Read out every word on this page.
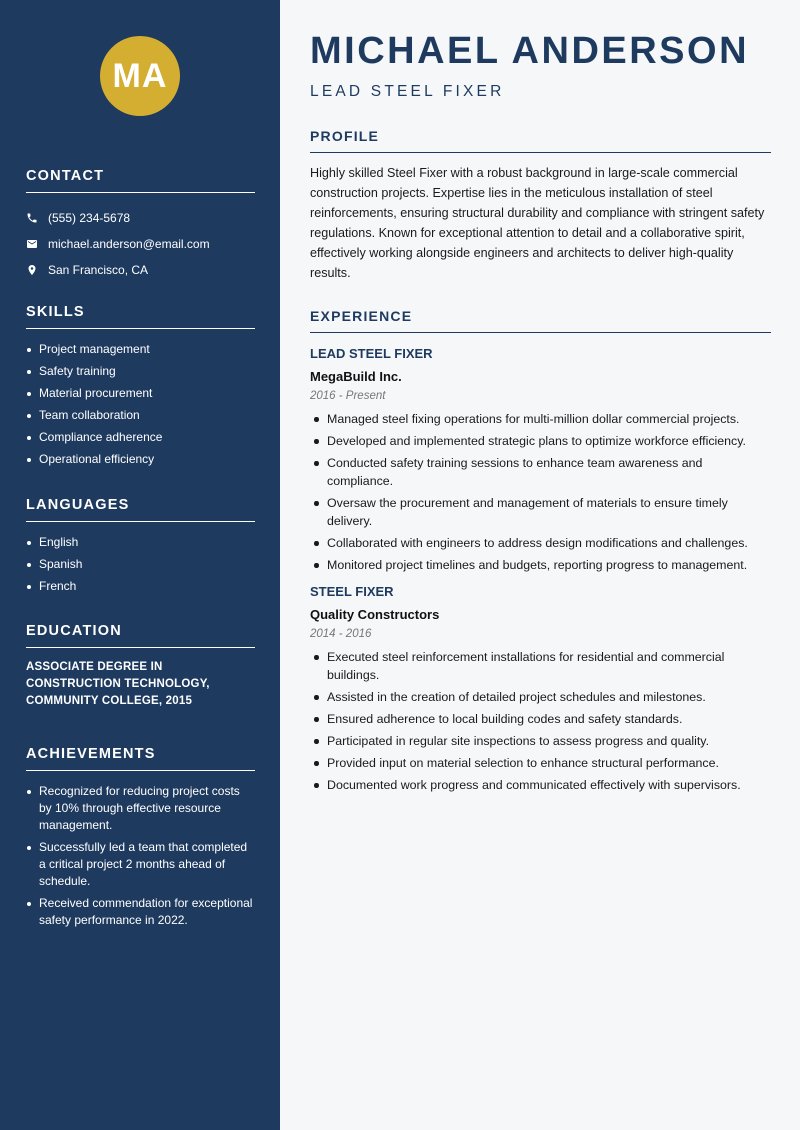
MA
CONTACT
(555) 234-5678
michael.anderson@email.com
San Francisco, CA
SKILLS
Project management
Safety training
Material procurement
Team collaboration
Compliance adherence
Operational efficiency
LANGUAGES
English
Spanish
French
EDUCATION

ASSOCIATE DEGREE IN CONSTRUCTION TECHNOLOGY, COMMUNITY COLLEGE, 2015

ACHIEVEMENTS
Recognized for reducing project costs by 10% through effective resource management.
Successfully led a team that completed a critical project 2 months ahead of schedule.
Received commendation for exceptional safety performance in 2022.
MICHAEL ANDERSON
LEAD STEEL FIXER
PROFILE

Highly skilled Steel Fixer with a robust background in large-scale commercial construction projects. Expertise lies in the meticulous installation of steel reinforcements, ensuring structural durability and compliance with stringent safety regulations. Known for exceptional attention to detail and a collaborative spirit, effectively working alongside engineers and architects to deliver high-quality results.

EXPERIENCE
LEAD STEEL FIXER
MegaBuild Inc.
2016 - Present
Managed steel fixing operations for multi-million dollar commercial projects.
Developed and implemented strategic plans to optimize workforce efficiency.
Conducted safety training sessions to enhance team awareness and compliance.
Oversaw the procurement and management of materials to ensure timely delivery.
Collaborated with engineers to address design modifications and challenges.
Monitored project timelines and budgets, reporting progress to management.
STEEL FIXER
Quality Constructors
2014 - 2016
Executed steel reinforcement installations for residential and commercial buildings.
Assisted in the creation of detailed project schedules and milestones.
Ensured adherence to local building codes and safety standards.
Participated in regular site inspections to assess progress and quality.
Provided input on material selection to enhance structural performance.
Documented work progress and communicated effectively with supervisors.
